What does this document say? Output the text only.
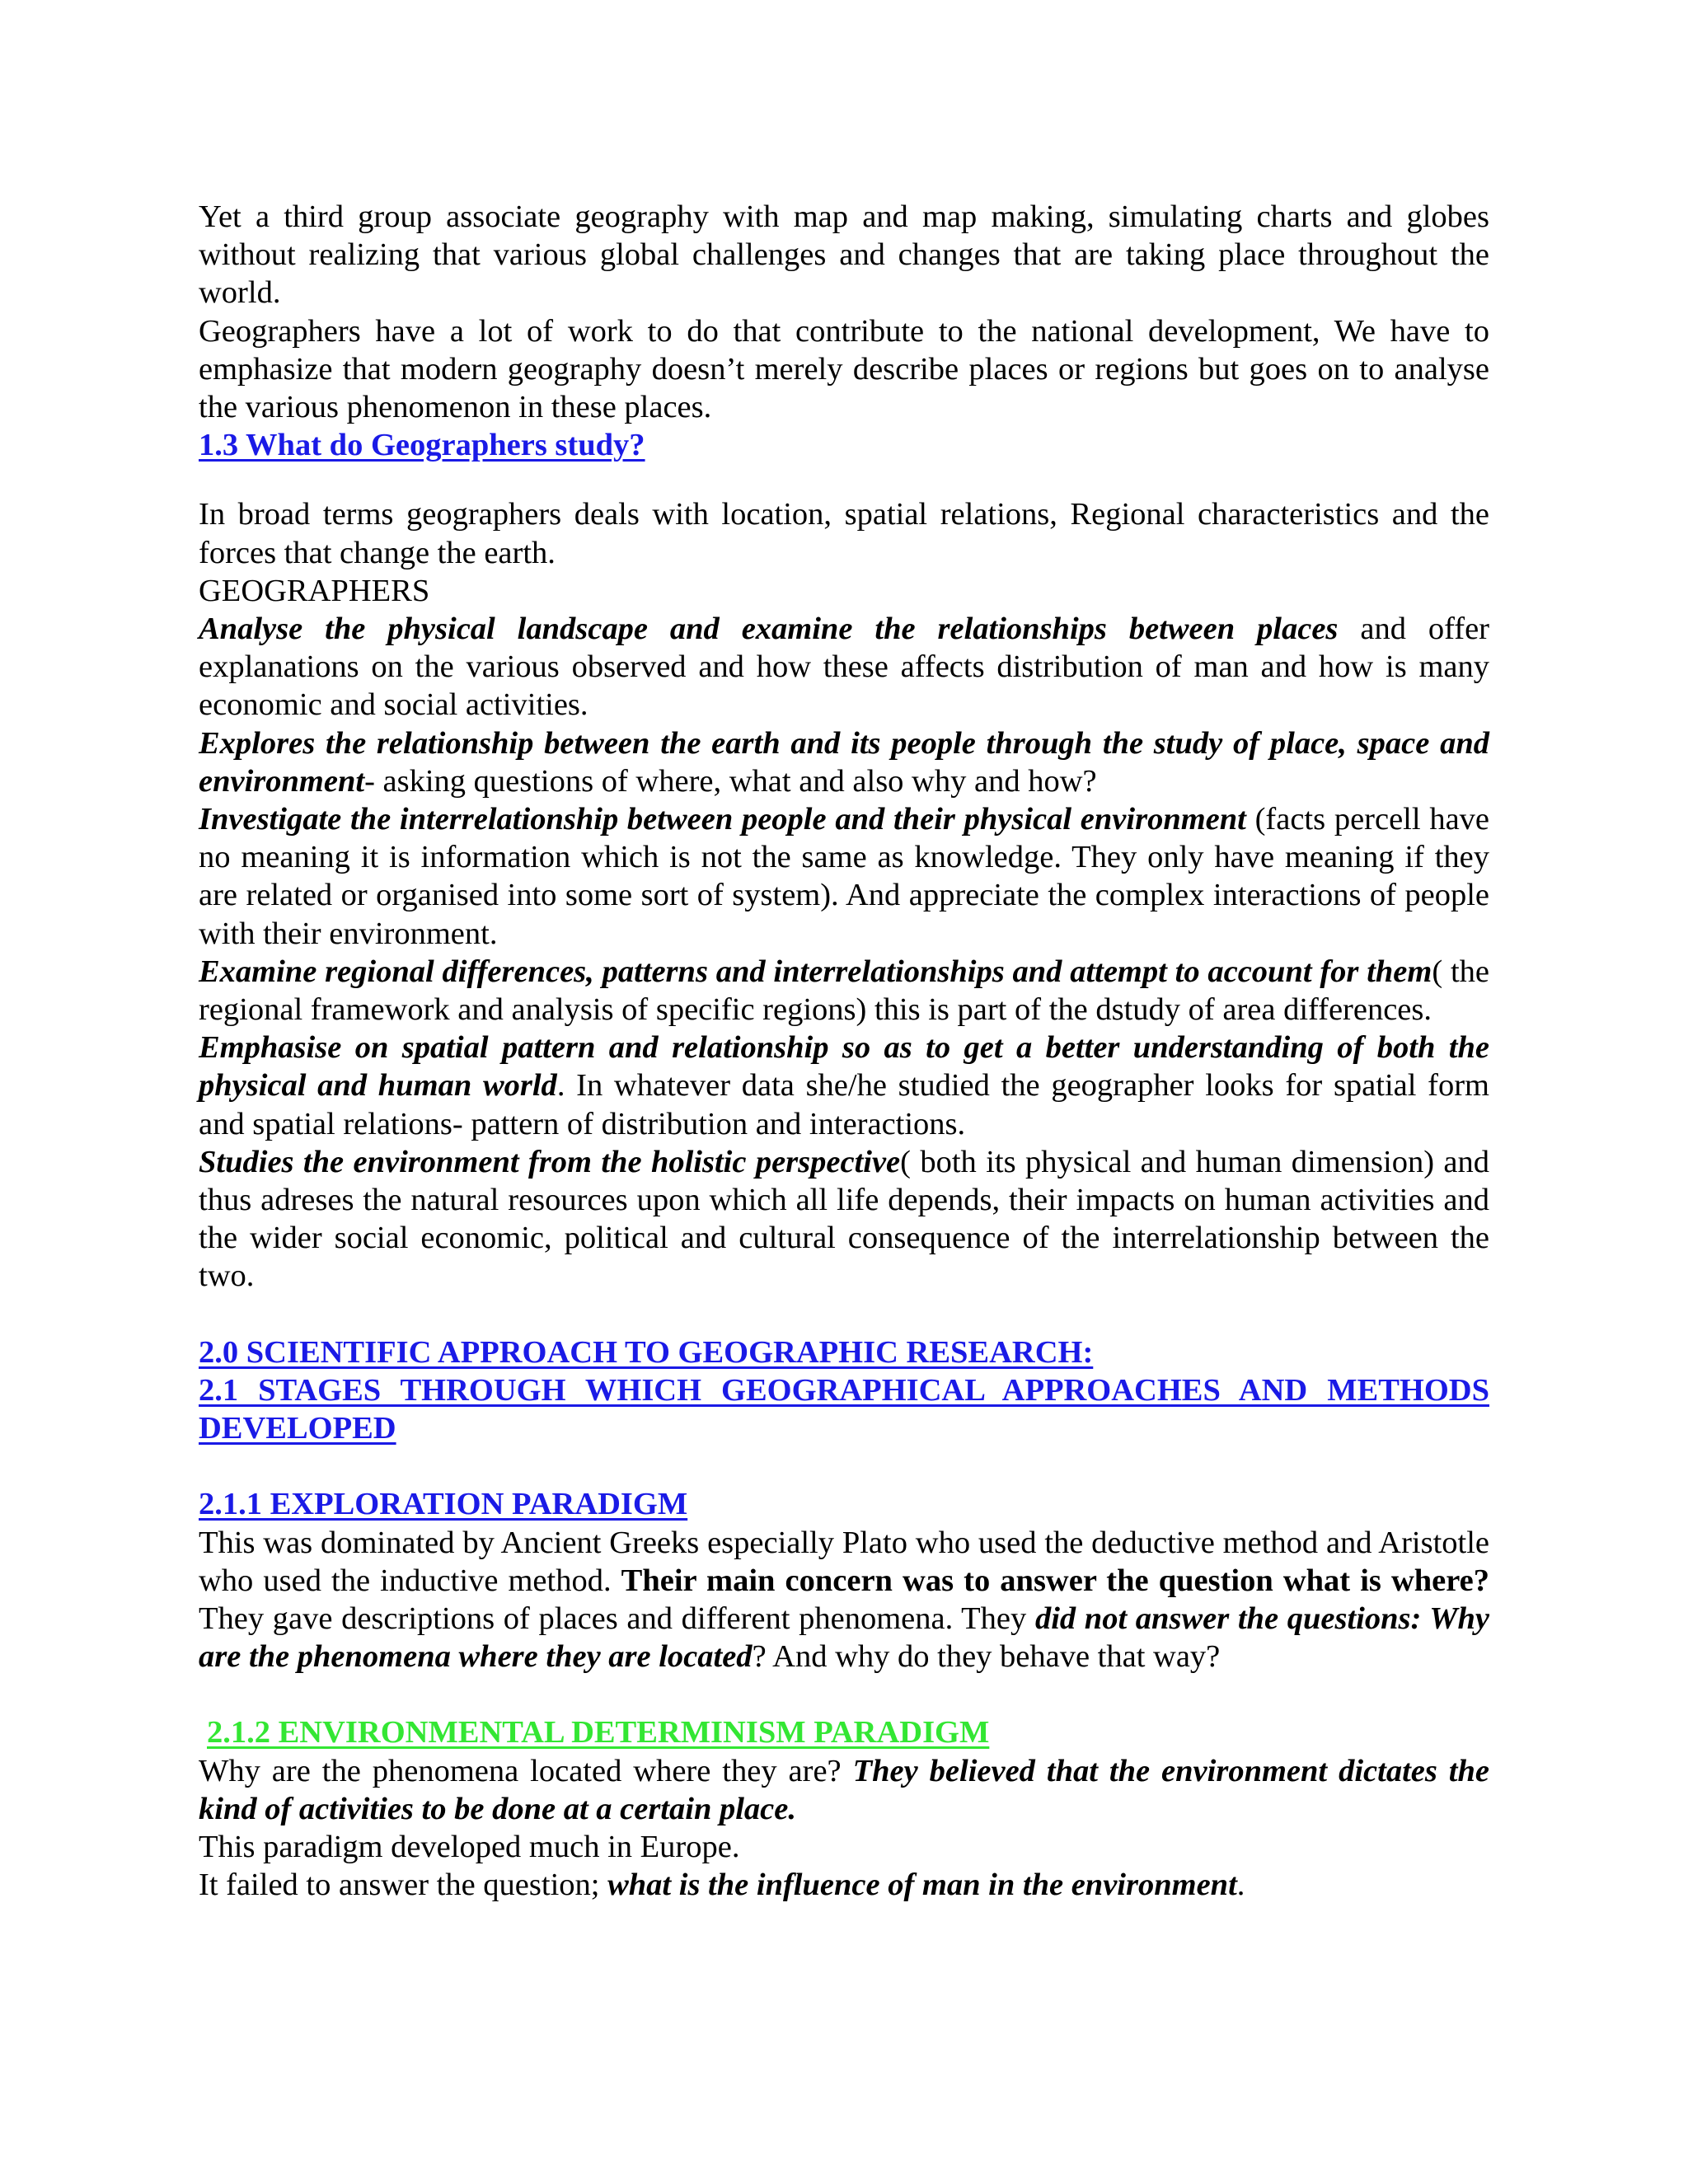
Yet a third group associate geography with map and map making, simulating charts and globes without realizing that various global challenges and changes that are taking place throughout the world.

Geographers have a lot of work to do that contribute to the national development, We have to emphasize that modern geography doesn’t merely describe places or regions but goes on to analyse the various phenomenon in these places.

1.3 What do Geographers study?

In broad terms geographers deals with location, spatial relations, Regional characteristics and the forces that change the earth.

GEOGRAPHERS

Analyse the physical landscape and examine the relationships between places and offer explanations on the various observed and how these affects distribution of man and how is many economic and social activities.

Explores the relationship between the earth and its people through the study of place, space and environment- asking questions of where, what and also why and how?

Investigate the interrelationship between people and their physical environment (facts percell have no meaning it is information which is not the same as knowledge. They only have meaning if they are related or organised into some sort of system). And appreciate the complex interactions of people with their environment.

Examine regional differences, patterns and interrelationships and attempt to account for them( the regional framework and analysis of specific regions) this is part of the dstudy of area differences.

Emphasise on spatial pattern and relationship so as to get a better understanding of both the physical and human world. In whatever data she/he studied the geographer looks for spatial form and spatial relations- pattern of distribution and interactions.

Studies the environment from the holistic perspective( both its physical and human dimension) and thus adreses the natural resources upon which all life depends, their impacts on human activities and the wider social economic, political and cultural consequence of the interrelationship between the two.

2.0 SCIENTIFIC APPROACH TO GEOGRAPHIC RESEARCH:

2.1 STAGES THROUGH WHICH GEOGRAPHICAL APPROACHES AND METHODS DEVELOPED

2.1.1 EXPLORATION PARADIGM

This was dominated by Ancient Greeks especially Plato who used the deductive method and Aristotle who used the inductive method. Their main concern was to answer the question what is where? They gave descriptions of places and different phenomena. They did not answer the questions: Why are the phenomena where they are located? And why do they behave that way?

2.1.2 ENVIRONMENTAL DETERMINISM PARADIGM

Why are the phenomena located where they are? They believed that the environment dictates the kind of activities to be done at a certain place.

This paradigm developed much in Europe.

It failed to answer the question; what is the influence of man in the environment.
